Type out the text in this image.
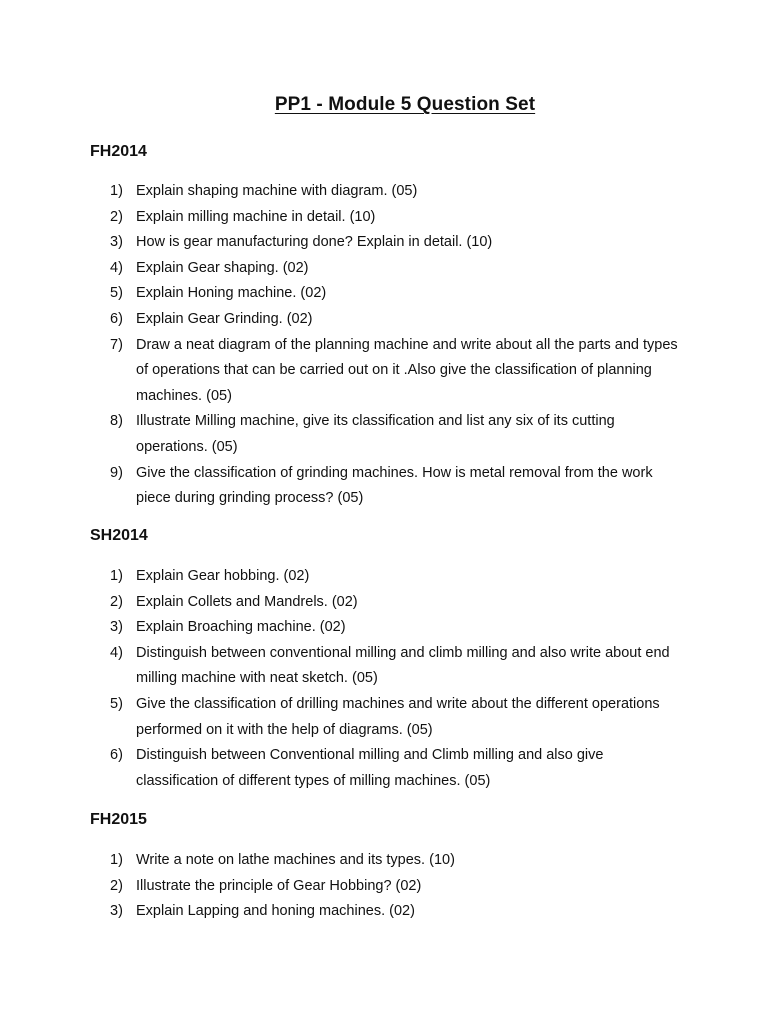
PP1 - Module 5 Question Set
FH2014
1) Explain shaping machine with diagram. (05)
2) Explain milling machine in detail. (10)
3) How is gear manufacturing done? Explain in detail. (10)
4) Explain Gear shaping. (02)
5) Explain Honing machine. (02)
6) Explain Gear Grinding. (02)
7) Draw a neat diagram of the planning machine and write about all the parts and types of operations that can be carried out on it .Also give the classification of planning machines. (05)
8) Illustrate Milling machine, give its classification and list any six of its cutting operations. (05)
9) Give the classification of grinding machines. How is metal removal from the work piece during grinding process? (05)
SH2014
1) Explain Gear hobbing. (02)
2) Explain Collets and Mandrels. (02)
3) Explain Broaching machine. (02)
4) Distinguish between conventional milling and climb milling and also write about end milling machine with neat sketch. (05)
5) Give the classification of drilling machines and write about the different operations performed on it with the help of diagrams. (05)
6) Distinguish between Conventional milling and Climb milling and also give classification of different types of milling machines. (05)
FH2015
1) Write a note on lathe machines and its types. (10)
2) Illustrate the principle of Gear Hobbing? (02)
3) Explain Lapping and honing machines. (02)
